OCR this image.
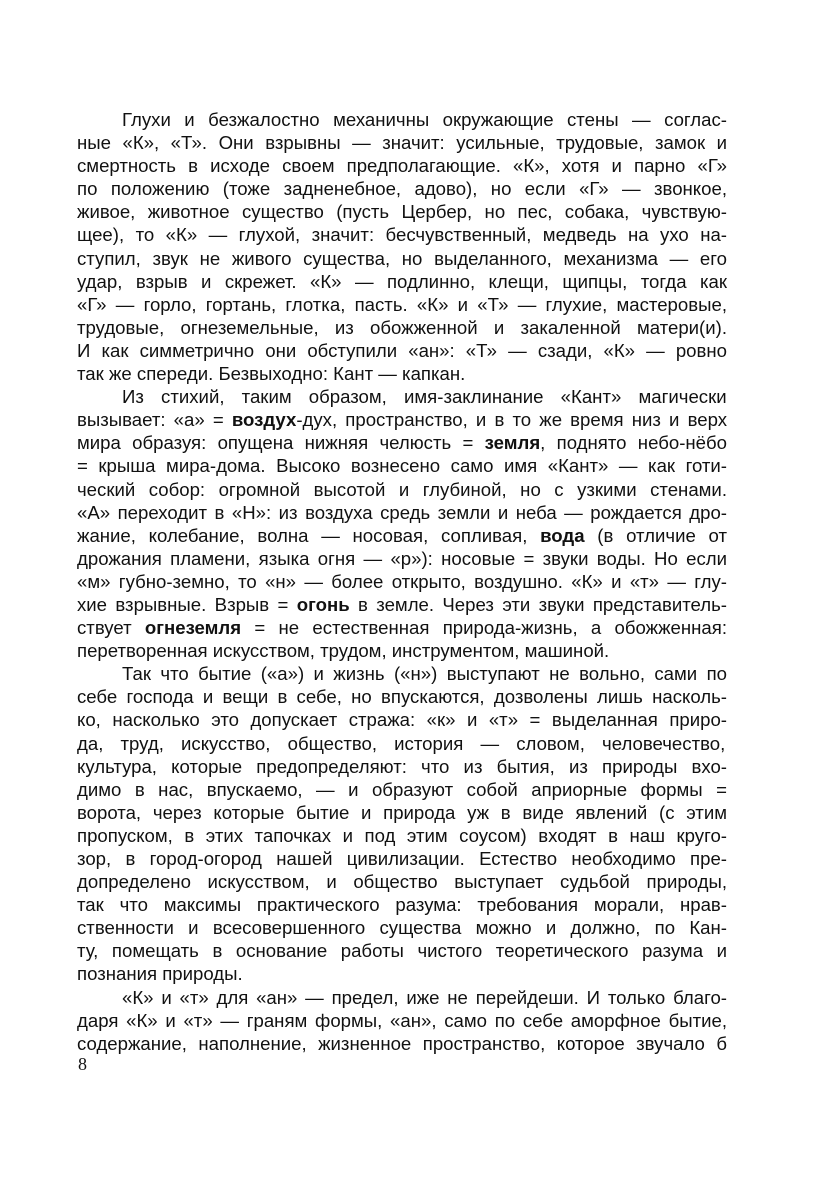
Глухи и безжалостно механичны окружающие стены — соглас-
ные «К», «Т». Они взрывны — значит: усильные, трудовые, замок и
смертность в исходе своем предполагающие. «К», хотя и парно «Г»
по положению (тоже задненебное, адово), но если «Г» — звонкое,
живое, животное существо (пусть Цербер, но пес, собака, чувствую-
щее), то «К» — глухой, значит: бесчувственный, медведь на ухо на-
ступил, звук не живого существа, но выделанного, механизма — его
удар, взрыв и скрежет. «К» — подлинно, клещи, щипцы, тогда как
«Г» — горло, гортань, глотка, пасть. «К» и «Т» — глухие, мастеровые,
трудовые, огнеземельные, из обожженной и закаленной матери(и).
И как симметрично они обступили «ан»: «Т» — сзади, «К» — ровно
так же спереди. Безвыходно: Кант — капкан.
Из стихий, таким образом, имя-заклинание «Кант» магически
вызывает: «а» = воздух-дух, пространство, и в то же время низ и верх
мира образуя: опущена нижняя челюсть = земля, поднято небо-нёбо
= крыша мира-дома. Высоко вознесено само имя «Кант» — как готи-
ческий собор: огромной высотой и глубиной, но с узкими стенами.
«А» переходит в «Н»: из воздуха средь земли и неба — рождается дро-
жание, колебание, волна — носовая, сопливая, вода (в отличие от
дрожания пламени, языка огня — «р»): носовые = звуки воды. Но если
«м» губно-земно, то «н» — более открыто, воздушно. «К» и «т» — глу-
хие взрывные. Взрыв = огонь в земле. Через эти звуки представитель-
ствует огнеземля = не естественная природа-жизнь, а обожженная:
перетворенная искусством, трудом, инструментом, машиной.
Так что бытие («а») и жизнь («н») выступают не вольно, сами по
себе господа и вещи в себе, но впускаются, дозволены лишь насколь-
ко, насколько это допускает стража: «к» и «т» = выделанная приро-
да, труд, искусство, общество, история — словом, человечество,
культура, которые предопределяют: что из бытия, из природы вхо-
димо в нас, впускаемо, — и образуют собой априорные формы =
ворота, через которые бытие и природа уж в виде явлений (с этим
пропуском, в этих тапочках и под этим соусом) входят в наш круго-
зор, в город-огород нашей цивилизации. Естество необходимо пре-
допределено искусством, и общество выступает судьбой природы,
так что максимы практического разума: требования морали, нрав-
ственности и всесовершенного существа можно и должно, по Кан-
ту, помещать в основание работы чистого теоретического разума и
познания природы.
«К» и «т» для «ан» — предел, иже не перейдеши. И только благо-
даря «К» и «т» — граням формы, «ан», само по себе аморфное бытие,
содержание, наполнение, жизненное пространство, которое звучало б
8
